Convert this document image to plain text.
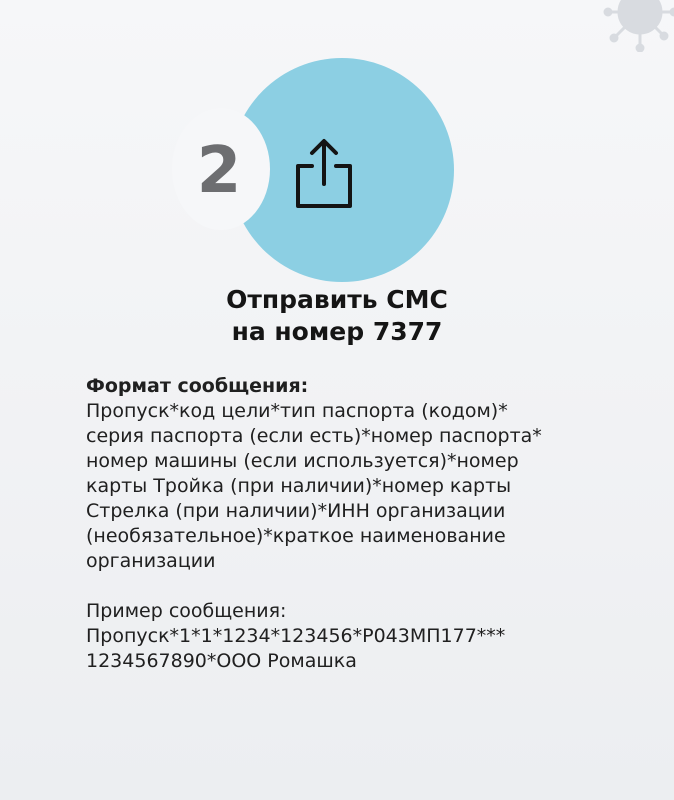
2
Отправить СМС
на номер 7377
Формат сообщения:
Пропуск*код цели*тип паспорта (кодом)*
серия паспорта (если есть)*номер паспорта*
номер машины (если используется)*номер
карты Тройка (при наличии)*номер карты
Стрелка (при наличии)*ИНН организации
(необязательное)*краткое наименование
организации
Пример сообщения:
Пропуск*1*1*1234*123456*Р043МП177***
1234567890*ООО Ромашка
